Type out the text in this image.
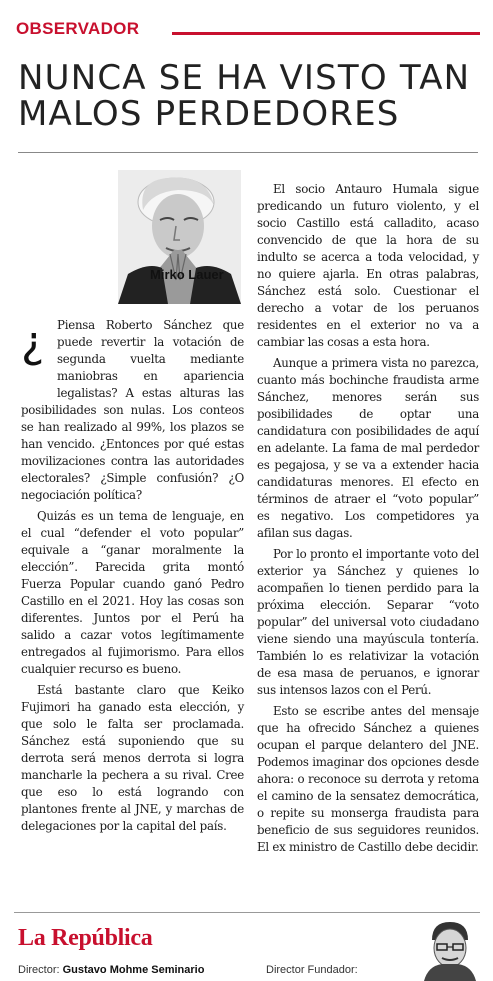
OBSERVADOR
NUNCA SE HA VISTO TAN
MALOS PERDEDORES
Mirko Lauer
¿	Piensa Roberto Sánchez que puede revertir la votación de segunda vuelta mediante maniobras en apariencia legalistas? A estas alturas las posibilidades son nulas. Los conteos se han realizado al 99%, los plazos se han vencido. ¿Entonces por qué estas movilizaciones contra las autoridades electorales? ¿Simple confusión? ¿O negociación política?

Quizás es un tema de lenguaje, en el cual “defender el voto popular” equivale a “ganar moralmente la elección”. Parecida grita montó Fuerza Popular cuando ganó Pedro Castillo en el 2021. Hoy las cosas son diferentes. Juntos por el Perú ha salido a cazar votos legítimamente entregados al fujimorismo. Para ellos cualquier recurso es bueno.

Está bastante claro que Keiko Fujimori ha ganado esta elección, y que solo le falta ser proclamada. Sánchez está suponiendo que su derrota será menos derrota si logra mancharle la pechera a su rival. Cree que eso lo está logrando con plantones frente al JNE, y marchas de delegaciones por la capital del país.

El socio Antauro Humala sigue predicando un futuro violento, y el socio Castillo está calladito, acaso convencido de que la hora de su indulto se acerca a toda velocidad, y no quiere ajarla. En otras palabras, Sánchez está solo. Cuestionar el derecho a votar de los peruanos residentes en el exterior no va a cambiar las cosas a esta hora.

Aunque a primera vista no parezca, cuanto más bochinche fraudista arme Sánchez, menores serán sus posibilidades de optar una candidatura con posibilidades de aquí en adelante. La fama de mal perdedor es pegajosa, y se va a extender hacia candidaturas menores. El efecto en términos de atraer el “voto popular” es negativo. Los competidores ya afilan sus dagas.

Por lo pronto el importante voto del exterior ya Sánchez y quienes lo acompañen lo tienen perdido para la próxima elección. Separar “voto popular” del universal voto ciudadano viene siendo una mayúscula tontería. También lo es relativizar la votación de esa masa de peruanos, e ignorar sus intensos lazos con el Perú.

Esto se escribe antes del mensaje que ha ofrecido Sánchez a quienes ocupan el parque delantero del JNE. Podemos imaginar dos opciones desde ahora: o reconoce su derrota y retoma el camino de la sensatez democrática, o repite su monserga fraudista para beneficio de sus seguidores reunidos. El ex ministro de Castillo debe decidir.

La República
Director: Gustavo Mohme Seminario	Director Fundador:
